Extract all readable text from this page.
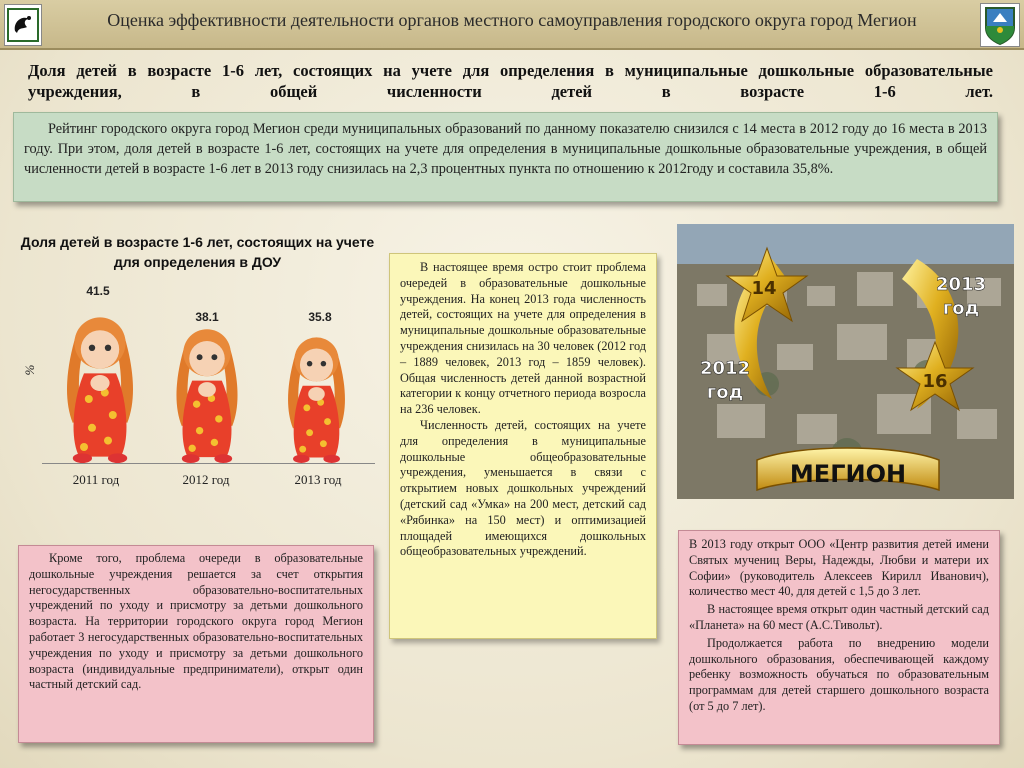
Оценка эффективности деятельности органов местного самоуправления городского округа город Мегион
Доля детей в возрасте 1-6 лет, состоящих на учете для определения в муниципальные дошкольные образовательные учреждения, в общей численности детей в возрасте 1-6 лет.
Рейтинг городского округа город Мегион среди муниципальных образований по данному показателю снизился с 14 места в 2012 году до 16 места в 2013 году. При этом, доля детей в возрасте 1-6 лет, состоящих на учете для определения в муниципальные дошкольные образовательные учреждения, в общей численности детей в возрасте 1-6 лет в 2013 году снизилась на 2,3 процентных пункта по отношению к 2012году и составила 35,8%.
Доля детей в возрасте 1-6 лет, состоящих на учете для определения в ДОУ
%
41.5
38.1	35.8
2011 год	2012 год	2013 год

В настоящее время остро стоит проблема очередей в образовательные дошкольные учреждения. На конец 2013 года численность детей, состоящих на учете для определения в муниципальные дошкольные образовательные учреждения снизилась на 30 человек (2012 год – 1889 человек, 2013 год – 1859 человек). Общая численность детей данной возрастной категории к концу отчетного периода возросла на 236 человек.

Численность детей, состоящих на учете для определения в муниципальные дошкольные общеобразовательные учреждения, уменьшается в связи с открытием новых дошкольных учреждений (детский сад «Умка» на 200 мест, детский сад «Рябинка» на 150 мест) и оптимизацией площадей имеющихся дошкольных общеобразовательных учреждений.

14
16
2012
год
2013
год
МЕГИОН

Кроме того, проблема очереди в образовательные дошкольные учреждения решается за счет открытия негосударственных образовательно-воспитательных учреждений по уходу и присмотру за детьми дошкольного возраста. На территории городского округа город Мегион работает 3 негосударственных образовательно-воспитательных учреждения по уходу и присмотру за детьми дошкольного возраста (индивидуальные предприниматели), открыт один частный детский сад.

В 2013 году открыт ООО «Центр развития детей имени Святых мучениц Веры, Надежды, Любви и матери их Софии» (руководитель Алексеев Кирилл Иванович), количество мест 40, для детей с 1,5 до 3 лет.

В настоящее время открыт один частный детский сад «Планета» на 60 мест (А.С.Тивольт).

Продолжается работа по внедрению модели дошкольного образования, обеспечивающей каждому ребенку возможность обучаться по образовательным программам для детей старшего дошкольного возраста (от 5 до 7 лет).
